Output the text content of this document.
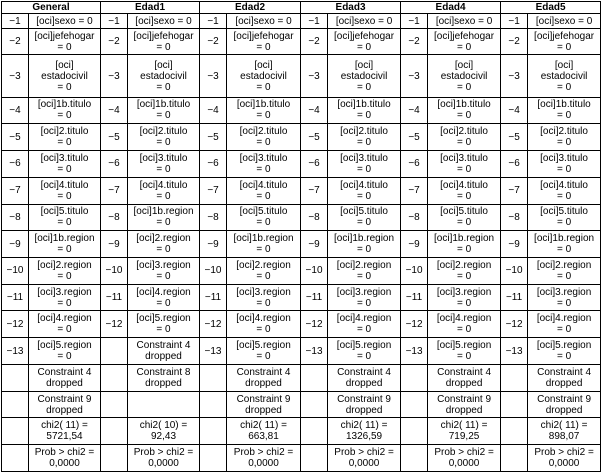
General		Edad1		Edad2		Edad3		Edad4		Edad5	
−1	[oci]sexo = 0	−1	[oci]sexo = 0	−1	[oci]sexo = 0	−1	[oci]sexo = 0	−1	[oci]sexo = 0	−1	[oci]sexo = 0
−2	[oci]jefehogar
= 0	−2	[oci]jefehogar
= 0	−2	[oci]jefehogar
= 0	−2	[oci]jefehogar
= 0	−2	[oci]jefehogar
= 0	−2	[oci]jefehogar
= 0
−3	[oci]
estadocivil
= 0	−3	[oci]
estadocivil
= 0	−3	[oci]
estadocivil
= 0	−3	[oci]
estadocivil
= 0	−3	[oci]
estadocivil
= 0	−3	[oci]
estadocivil
= 0
−4	[oci]1b.titulo
= 0	−4	[oci]1b.titulo
= 0	−4	[oci]1b.titulo
= 0	−4	[oci]1b.titulo
= 0	−4	[oci]1b.titulo
= 0	−4	[oci]1b.titulo
= 0
−5	[oci]2.titulo
= 0	−5	[oci]2.titulo
= 0	−5	[oci]2.titulo
= 0	−5	[oci]2.titulo
= 0	−5	[oci]2.titulo
= 0	−5	[oci]2.titulo
= 0
−6	[oci]3.titulo
= 0	−6	[oci]3.titulo
= 0	−6	[oci]3.titulo
= 0	−6	[oci]3.titulo
= 0	−6	[oci]3.titulo
= 0	−6	[oci]3.titulo
= 0
−7	[oci]4.titulo
= 0	−7	[oci]4.titulo
= 0	−7	[oci]4.titulo
= 0	−7	[oci]4.titulo
= 0	−7	[oci]4.titulo
= 0	−7	[oci]4.titulo
= 0
−8	[oci]5.titulo
= 0	−8	[oci]1b.region
= 0	−8	[oci]5.titulo
= 0	−8	[oci]5.titulo
= 0	−8	[oci]5.titulo
= 0	−8	[oci]5.titulo
= 0
−9	[oci]1b.region
= 0	−9	[oci]2.region
= 0	−9	[oci]1b.region
= 0	−9	[oci]1b.region
= 0	−9	[oci]1b.region
= 0	−9	[oci]1b.region
= 0
−10	[oci]2.region
= 0	−10	[oci]3.region
= 0	−10	[oci]2.region
= 0	−10	[oci]2.region
= 0	−10	[oci]2.region
= 0	−10	[oci]2.region
= 0
−11	[oci]3.region
= 0	−11	[oci]4.region
= 0	−11	[oci]3.region
= 0	−11	[oci]3.region
= 0	−11	[oci]3.region
= 0	−11	[oci]3.region
= 0
−12	[oci]4.region
= 0	−12	[oci]5.region
= 0	−12	[oci]4.region
= 0	−12	[oci]4.region
= 0	−12	[oci]4.region
= 0	−12	[oci]4.region
= 0
−13	[oci]5.region
= 0		Constraint 4
dropped	−13	[oci]5.region
= 0	−13	[oci]5.region
= 0	−13	[oci]5.region
= 0	−13	[oci]5.region
= 0
	Constraint 4
dropped		Constraint 8
dropped		Constraint 4
dropped		Constraint 4
dropped		Constraint 4
dropped		Constraint 4
dropped
	Constraint 9
dropped				Constraint 9
dropped		Constraint 9
dropped		Constraint 9
dropped		Constraint 9
dropped
	chi2( 11) =
5721,54		chi2( 10) =
92,43		chi2( 11) =
663,81		chi2( 11) =
1326,59		chi2( 11) =
719,25		chi2( 11) =
898,07
	Prob > chi2 =
0,0000		Prob > chi2 =
0,0000		Prob > chi2 =
0,0000		Prob > chi2 =
0,0000		Prob > chi2 =
0,0000		Prob > chi2 =
0,0000
